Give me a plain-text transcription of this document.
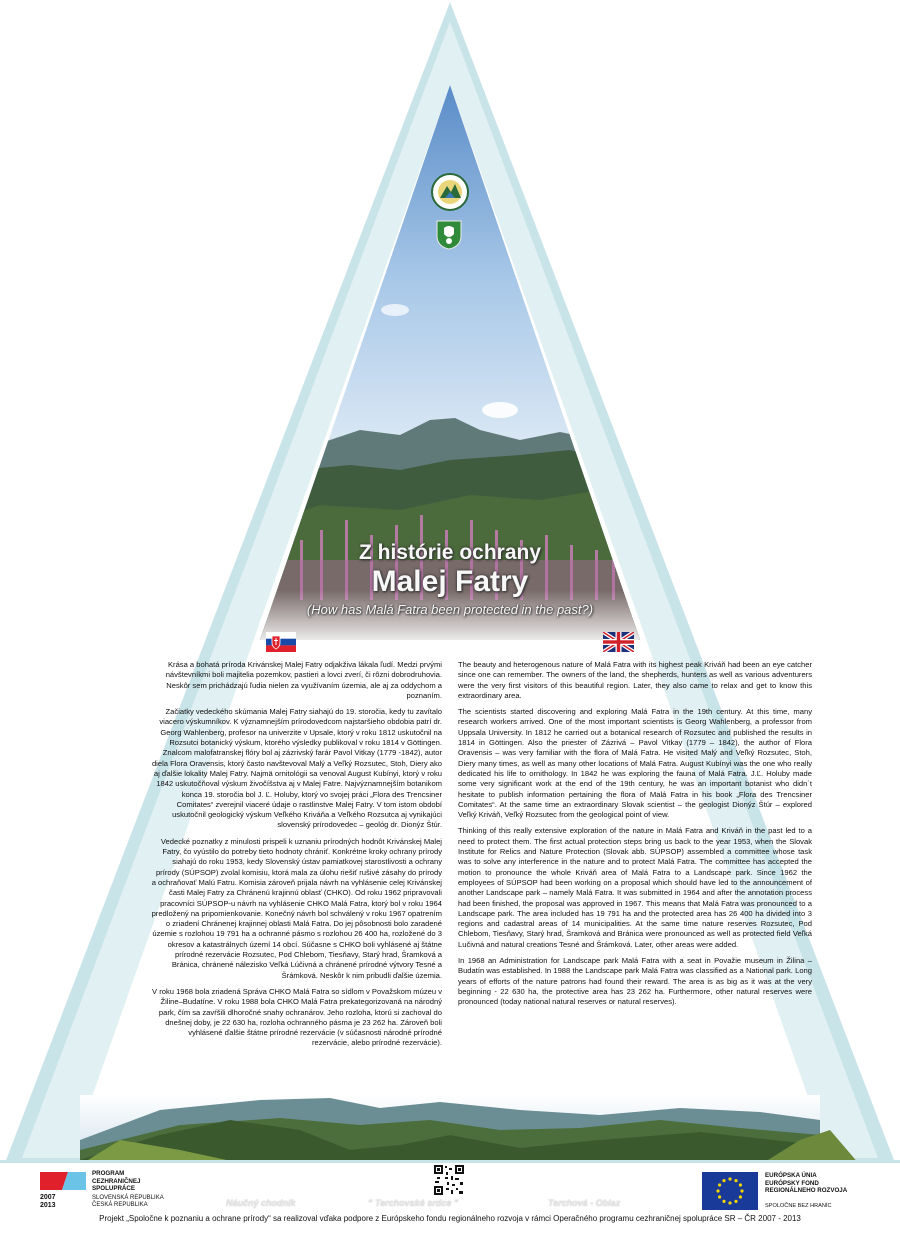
Z histórie ochrany
Malej Fatry
(How has Malá Fatra been protected in the past?)

Krása a bohatá príroda Krivánskej Malej Fatry odjakživa lákala ľudí. Medzi prvými návštevníkmi boli majitelia pozemkov, pastieri a lovci zverí, či rôzni dobrodruhovia. Neskôr sem prichádzajú ľudia nielen za využívaním územia, ale aj za oddychom a poznaním.

Začiatky vedeckého skúmania Malej Fatry siahajú do 19. storočia, kedy tu zavítalo viacero výskumníkov. K významnejším prírodovedcom najstaršieho obdobia patrí dr. Georg Wahlenberg, profesor na univerzite v Upsale, ktorý v roku 1812 uskutočnil na Rozsutci botanický výskum, ktorého výsledky publikoval v roku 1814 v Göttingen. Znalcom malofatranskej flóry bol aj zázrivský farár Pavol Vitkay (1779 -1842), autor diela Flora Oravensis, ktorý často navštevoval Malý a Veľký Rozsutec, Stoh, Diery ako aj ďalšie lokality Malej Fatry. Najmä ornitológii sa venoval August Kubínyi, ktorý v roku 1842 uskutočňoval výskum živočíšstva aj v Malej Fatre. Najvýznamnejším botanikom konca 19. storočia bol J. Ľ. Holuby, ktorý vo svojej práci „Flora des Trencsiner Comitates“ zverejnil viaceré údaje o rastlinstve Malej Fatry. V tom istom období uskutočnil geologický výskum Veľkého Kriváňa a Veľkého Rozsutca aj vynikajúci slovenský prírodovedec – geológ dr. Dionýz Štúr.

Vedecké poznatky z minulosti prispeli k uznaniu prírodných hodnôt Krivánskej Malej Fatry, čo vyústilo do potreby tieto hodnoty chrániť. Konkrétne kroky ochrany prírody siahajú do roku 1953, kedy Slovenský ústav pamiatkovej starostlivosti a ochrany prírody (SÚPSOP) zvolal komisiu, ktorá mala za úlohu riešiť rušivé zásahy do prírody a ochraňovať Malú Fatru. Komisia zároveň prijala návrh na vyhlásenie celej Krivánskej časti Malej Fatry za Chránenú krajinnú oblasť (CHKO). Od roku 1962 pripravovali pracovníci SÚPSOP-u návrh na vyhlásenie CHKO Malá Fatra, ktorý bol v roku 1964 predložený na pripomienkovanie. Konečný návrh bol schválený v roku 1967 opatrením o zriadení Chránenej krajinnej oblasti Malá Fatra. Do jej pôsobnosti bolo zaradené územie s rozlohou 19 791 ha a ochranné pásmo s rozlohou 26 400 ha, rozložené do 3 okresov a katastrálnych území 14 obcí. Súčasne s CHKO boli vyhlásené aj štátne prírodné rezervácie Rozsutec, Pod Chlebom, Tiesňavy, Starý hrad, Šramková a Bránica, chránené nálezisko Veľká Lúčivná a chránené prírodné výtvory Tesné a Šrámková. Neskôr k nim pribudli ďalšie územia.

V roku 1968 bola zriadená Správa CHKO Malá Fatra so sídlom v Považskom múzeu v Žiline–Budatíne. V roku 1988 bola CHKO Malá Fatra prekategorizovaná na národný park, čím sa zavŕšili dlhoročné snahy ochranárov. Jeho rozloha, ktorú si zachoval do dnešnej doby, je 22 630 ha, rozloha ochranného pásma je 23 262 ha. Zároveň boli vyhlásené ďalšie štátne prírodné rezervácie (v súčasnosti národné prírodné rezervácie, alebo prírodné rezervácie).

The beauty and heterogenous nature of Malá Fatra with its highest peak Kriváň had been an eye catcher since one can remember. The owners of the land, the shepherds, hunters as well as various adventurers were the very first visitors of this beautiful region. Later, they also came to relax and get to know this extraordinary area.

The scientists started discovering and exploring Malá Fatra in the 19th century. At this time, many research workers arrived. One of the most important scientists is Georg Wahlenberg, a professor from Uppsala University. In 1812 he carried out a botanical research of Rozsutec and published the results in 1814 in Göttingen. Also the priester of Zázrivá – Pavol Vitkay (1779 – 1842), the author of Flora Oravensis – was very familiar with the flora of Malá Fatra. He visited Malý and Veľký Rozsutec, Stoh, Diery many times, as well as many other locations of Malá Fatra. August Kubínyi was the one who really dedicated his life to ornithology. In 1842 he was exploring the fauna of Malá Fatra. J.Ľ. Holuby made some very significant work at the end of the 19th century, he was an important botanist who didn´t hesitate to publish information pertaining the flora of Malá Fatra in his book „Flora des Trencsiner Comitates“. At the same time an extraordinary Slovak scientist – the geologist Dionýz Štúr – explored Veľký Kriváň, Veľký Rozsutec from the geological point of view.

Thinking of this really extensive exploration of the nature in Malá Fatra and Kriváň in the past led to a need to protect them. The first actual protection steps bring us back to the year 1953, when the Slovak Institute for Relics and Nature Protection (Slovak abb. SÚPSOP) assembled a committee whose task was to solve any interference in the nature and to protect Malá Fatra. The committee has accepted the motion to pronounce the whole Kriváň area of Malá Fatra to a Landscape park. Since 1962 the employees of SÚPSOP had been working on a proposal which should have led to the announcement of another Landscape park – namely Malá Fatra. It was submitted in 1964 and after the annotation process had been finished, the proposal was approved in 1967. This means that Malá Fatra was pronounced to a Landscape park. The area included has 19 791 ha and the protected area has 26 400 ha divided into 3 regions and cadastral areas of 14 municipalities. At the same time nature reserves Rozsutec, Pod Chlebom, Tiesňavy, Starý hrad, Šramková and Bránica were pronounced as well as protected field Veľká Lučivná and natural creations Tesné and Šrámková. Later, other areas were added.

In 1968 an Administration for Landscape park Malá Fatra with a seat in Považie museum in Žilina – Budatín was established. In 1988 the Landscape park Malá Fatra was classified as a National park. Long years of efforts of the nature patrons had found their reward. The area is as big as it was at the very beginning - 22 630 ha, the protective area has 23 262 ha. Furthermore, other natural reserves were pronounced (today national natural reserves or natural reserves).

2007
2013
PROGRAM
CEZHRANIČNEJ
SPOLUPRÁCE
SLOVENSKÁ REPUBLIKA
ČESKÁ REPUBLIKA	Náučný chodník	“ Terchovské srdce ”	Terchová - Oblaz
EURÓPSKA ÚNIA
EURÓPSKY FOND
REGIONÁLNEHO ROZVOJA
SPOLOČNE BEZ HRANÍC
Projekt „Spoločne k poznaniu a ochrane prírody“ sa realizoval vďaka podpore z Európskeho fondu regionálneho rozvoja v rámci Operačného programu cezhraničnej spolupráce SR – ČR 2007 - 2013
